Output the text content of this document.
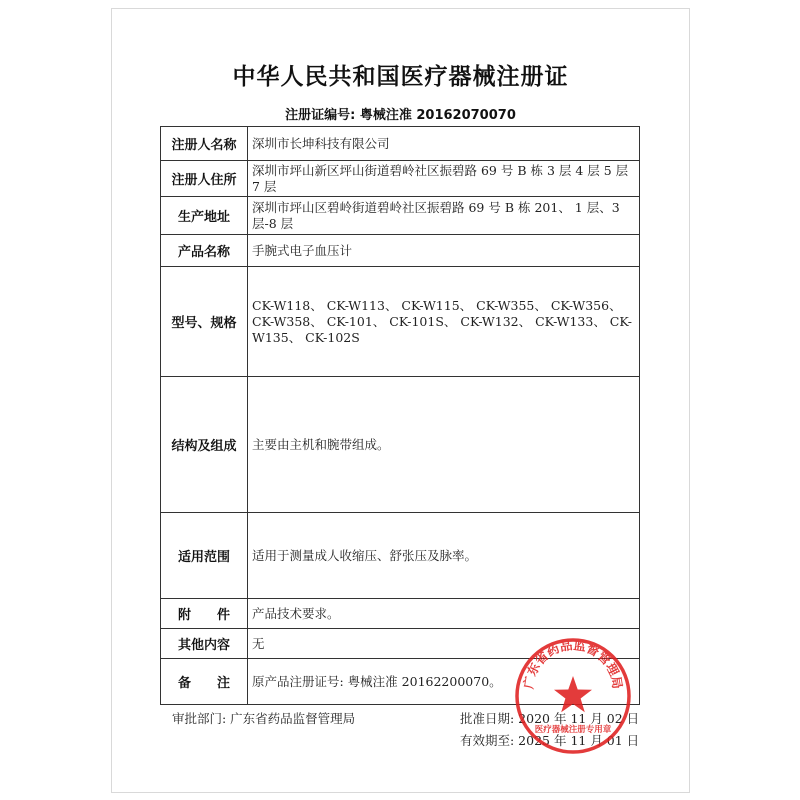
中华人民共和国医疗器械注册证
注册证编号: 粤械注准 20162070070
注册人名称	深圳市长坤科技有限公司
注册人住所	深圳市坪山新区坪山街道碧岭社区振碧路 69 号 B 栋 3 层 4 层 5 层 7 层
生产地址	深圳市坪山区碧岭街道碧岭社区振碧路 69 号 B 栋 201、 1 层、3 层-8 层
产品名称	手腕式电子血压计
型号、规格	CK-W118、 CK-W113、 CK-W115、 CK-W355、 CK-W356、 CK-W358、 CK-101、 CK-101S、 CK-W132、 CK-W133、 CK-W135、 CK-102S
结构及组成	主要由主机和腕带组成。
适用范围	适用于测量成人收缩压、舒张压及脉率。
附　　件	产品技术要求。
其他内容	无
备　　注	原产品注册证号: 粤械注准 20162200070。
审批部门: 广东省药品监督管理局	批准日期: 2020 年 11 月 02 日
有效期至: 2025 年 11 月 01 日
广东省药品监督管理局
医疗器械注册专用章
